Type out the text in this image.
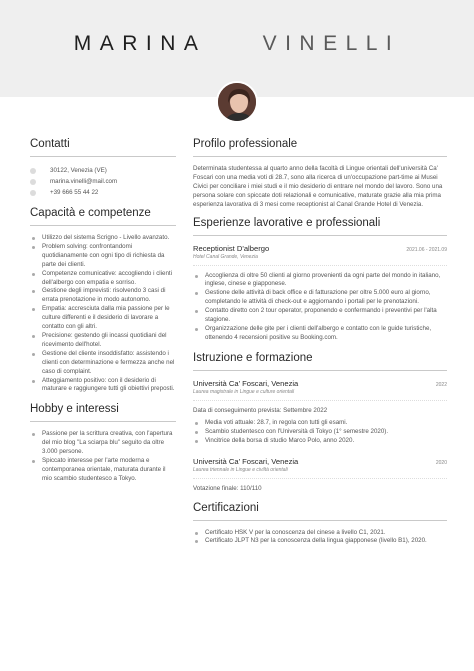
MARINA	VINELLI
Contatti
30122, Venezia (VE)
marina.vinelli@mail.com
+39 666 55 44 22
Capacità e competenze
Utilizzo del sistema Scrigno - Livello avanzato.
Problem solving: confrontandomi quotidianamente con ogni tipo di richiesta da parte dei clienti.
Competenze comunicative: accogliendo i clienti dell'albergo con empatia e sorriso.
Gestione degli imprevisti: risolvendo 3 casi di errata prenotazione in modo autonomo.
Empatia: accresciuta dalla mia passione per le culture differenti e il desiderio di lavorare a contatto con gli altri.
Precisione: gestendo gli incassi quotidiani del ricevimento dell'hotel.
Gestione del cliente insoddisfatto: assistendo i clienti con determinazione e fermezza anche nel caso di complaint.
Atteggiamento positivo: con il desiderio di maturare e raggiungere tutti gli obiettivi preposti.
Hobby e interessi
Passione per la scrittura creativa, con l'apertura del mio blog "La sciarpa blu" seguito da oltre 3.000 persone.
Spiccato interesse per l'arte moderna e contemporanea orientale, maturata durante il mio scambio studentesco a Tokyo.
Profilo professionale

Determinata studentessa al quarto anno della facoltà di Lingue orientali dell'università Ca' Foscari con una media voti di 28.7, sono alla ricerca di un'occupazione part-time ai Musei Civici per conciliare i miei studi e il mio desiderio di entrare nel mondo del lavoro. Sono una persona solare con spiccate doti relazionali e comunicative, maturate grazie alla mia prima esperienza lavorativa di 3 mesi come receptionist al Canal Grande Hotel di Venezia.

Esperienze lavorative e professionali
Receptionist D'albergo	2021.06 - 2021.09
Hotel Canal Grande, Venezia
Accoglienza di oltre 50 clienti al giorno provenienti da ogni parte del mondo in italiano, inglese, cinese e giapponese.
Gestione delle attività di back office e di fatturazione per oltre 5.000 euro al giorno, completando le attività di check-out e aggiornando i portali per le prenotazioni.
Contatto diretto con 2 tour operator, proponendo e confermando i preventivi per l'alta stagione.
Organizzazione delle gite per i clienti dell'albergo e contatto con le guide turistiche, ottenendo 4 recensioni positive su Booking.com.
Istruzione e formazione
Università Ca' Foscari, Venezia	2022
Laurea magistrale in Lingue e culture orientali
Data di conseguimento prevista: Settembre 2022
Media voti attuale: 28.7, in regola con tutti gli esami.
Scambio studentesco con l'Università di Tokyo (1° semestre 2020).
Vincitrice della borsa di studio Marco Polo, anno 2020.
Università Ca' Foscari, Venezia	2020
Laurea triennale in Lingue e civiltà orientali
Votazione finale: 110/110
Certificazioni
Certificato HSK V per la conoscenza del cinese a livello C1, 2021.
Certificato JLPT N3 per la conoscenza della lingua giapponese (livello B1), 2020.
